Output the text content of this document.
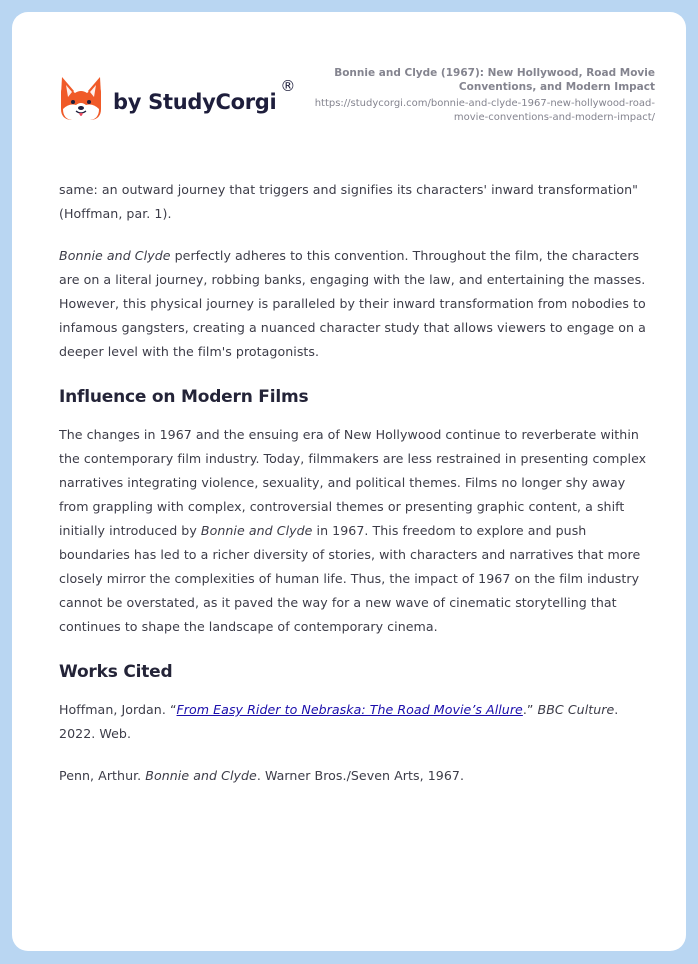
by StudyCorgi
®
Bonnie and Clyde (1967): New Hollywood, Road Movie Conventions, and Modern Impact
https://studycorgi.com/bonnie-and-clyde-1967-new-hollywood-road-movie-conventions-and-modern-impact/

same: an outward journey that triggers and signifies its characters' inward transformation" (Hoffman, par. 1).

Bonnie and Clyde perfectly adheres to this convention. Throughout the film, the characters are on a literal journey, robbing banks, engaging with the law, and entertaining the masses. However, this physical journey is paralleled by their inward transformation from nobodies to infamous gangsters, creating a nuanced character study that allows viewers to engage on a deeper level with the film's protagonists.

Influence on Modern Films

The changes in 1967 and the ensuing era of New Hollywood continue to reverberate within the contemporary film industry. Today, filmmakers are less restrained in presenting complex narratives integrating violence, sexuality, and political themes. Films no longer shy away from grappling with complex, controversial themes or presenting graphic content, a shift initially introduced by Bonnie and Clyde in 1967. This freedom to explore and push boundaries has led to a richer diversity of stories, with characters and narratives that more closely mirror the complexities of human life. Thus, the impact of 1967 on the film industry cannot be overstated, as it paved the way for a new wave of cinematic storytelling that continues to shape the landscape of contemporary cinema.

Works Cited

Hoffman, Jordan. “From Easy Rider to Nebraska: The Road Movie’s Allure.” BBC Culture. 2022. Web.

Penn, Arthur. Bonnie and Clyde. Warner Bros./Seven Arts, 1967.
